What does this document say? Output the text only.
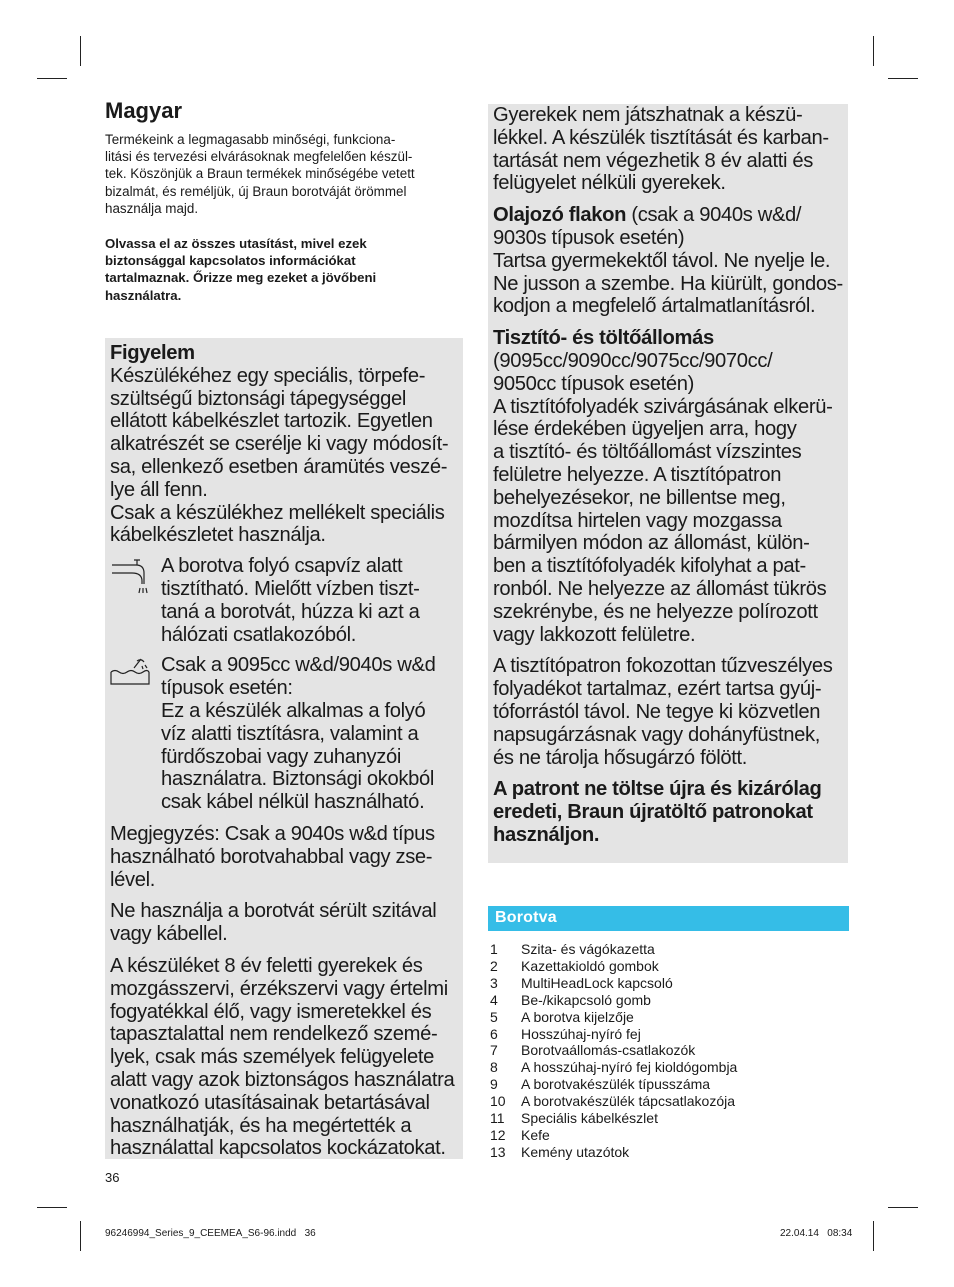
Magyar
Termékeink a legmagasabb minőségi, funkciona-
litási és tervezési elvárásoknak megfelelően készül-
tek. Köszönjük a Braun termékek minőségébe vetett
bizalmát, és reméljük, új Braun borotváját örömmel
használja majd.
Olvassa el az összes utasítást, mivel ezek
biztonsággal kapcsolatos információkat
tartalmaznak. Őrizze meg ezeket a jövőbeni
használatra.

Figyelem

Készülékéhez egy speciális, törpefe-
szültségű biztonsági tápegységgel
ellátott kábelkészlet tartozik. Egyetlen
alkatrészét se cserélje ki vagy módosít-
sa, ellenkező esetben áramütés veszé-
lye áll fenn.

Csak a készülékhez mellékelt speciális
kábelkészletet használja.

A borotva folyó csapvíz alatt
tisztítható. Mielőtt vízben tiszt-
taná a borotvát, húzza ki azt a
hálózati csatlakozóból.

Csak a 9095cc w&d/9040s w&d
típusok esetén:
Ez a készülék alkalmas a folyó
víz alatti tisztításra, valamint a
fürdőszobai vagy zuhanyzói
használatra. Biztonsági okokból
csak kábel nélkül használható.

Megjegyzés: Csak a 9040s w&d típus
használható borotvahabbal vagy zse-
lével.

Ne használja a borotvát sérült szitával
vagy kábellel.

A készüléket 8 év feletti gyerekek és
mozgásszervi, érzékszervi vagy értelmi
fogyatékkal élő, vagy ismeretekkel és
tapasztalattal nem rendelkező szemé-
lyek, csak más személyek felügyelete
alatt vagy azok biztonságos használatra
vonatkozó utasításainak betartásával
használhatják, és ha megértették a
használattal kapcsolatos kockázatokat.

Gyerekek nem játszhatnak a készü-
lékkel. A készülék tisztítását és karban-
tartását nem végezhetik 8 év alatti és
felügyelet nélküli gyerekek.

Olajozó flakon (csak a 9040s w&d/
9030s típusok esetén)

Tartsa gyermekektől távol. Ne nyelje le.
Ne jusson a szembe. Ha kiürült, gondos-
kodjon a megfelelő ártalmatlanításról.

Tisztító- és töltőállomás

(9095cc/9090cc/9075cc/9070cc/
9050cc típusok esetén)

A tisztítófolyadék szivárgásának elkerü-
lése érdekében ügyeljen arra, hogy
a tisztító- és töltőállomást vízszintes
felületre helyezze. A tisztítópatron
behelyezésekor, ne billentse meg,
mozdítsa hirtelen vagy mozgassa
bármilyen módon az állomást, külön-
ben a tisztítófolyadék kifolyhat a pat-
ronból. Ne helyezze az állomást tükrös
szekrénybe, és ne helyezze polírozott
vagy lakkozott felületre.

A tisztítópatron fokozottan tűzveszélyes
folyadékot tartalmaz, ezért tartsa gyúj-
tóforrástól távol. Ne tegye ki közvetlen
napsugárzásnak vagy dohányfüstnek,
és ne tárolja hősugárzó fölött.

A patront ne töltse újra és kizárólag
eredeti, Braun újratöltő patronokat
használjon.

Borotva
1	Szita- és vágókazetta
2	Kazettakioldó gombok
3	MultiHeadLock kapcsoló
4	Be-/kikapcsoló gomb
5	A borotva kijelzője
6	Hosszúhaj-nyíró fej
7	Borotvaállomás-csatlakozók
8	A hosszúhaj-nyíró fej kioldógombja
9	A borotvakészülék típusszáma
10	A borotvakészülék tápcsatlakozója
11	Speciális kábelkészlet
12	Kefe
13	Kemény utazótok
36
96246994_Series_9_CEEMEA_S6-96.indd   36	22.04.14   08:34
